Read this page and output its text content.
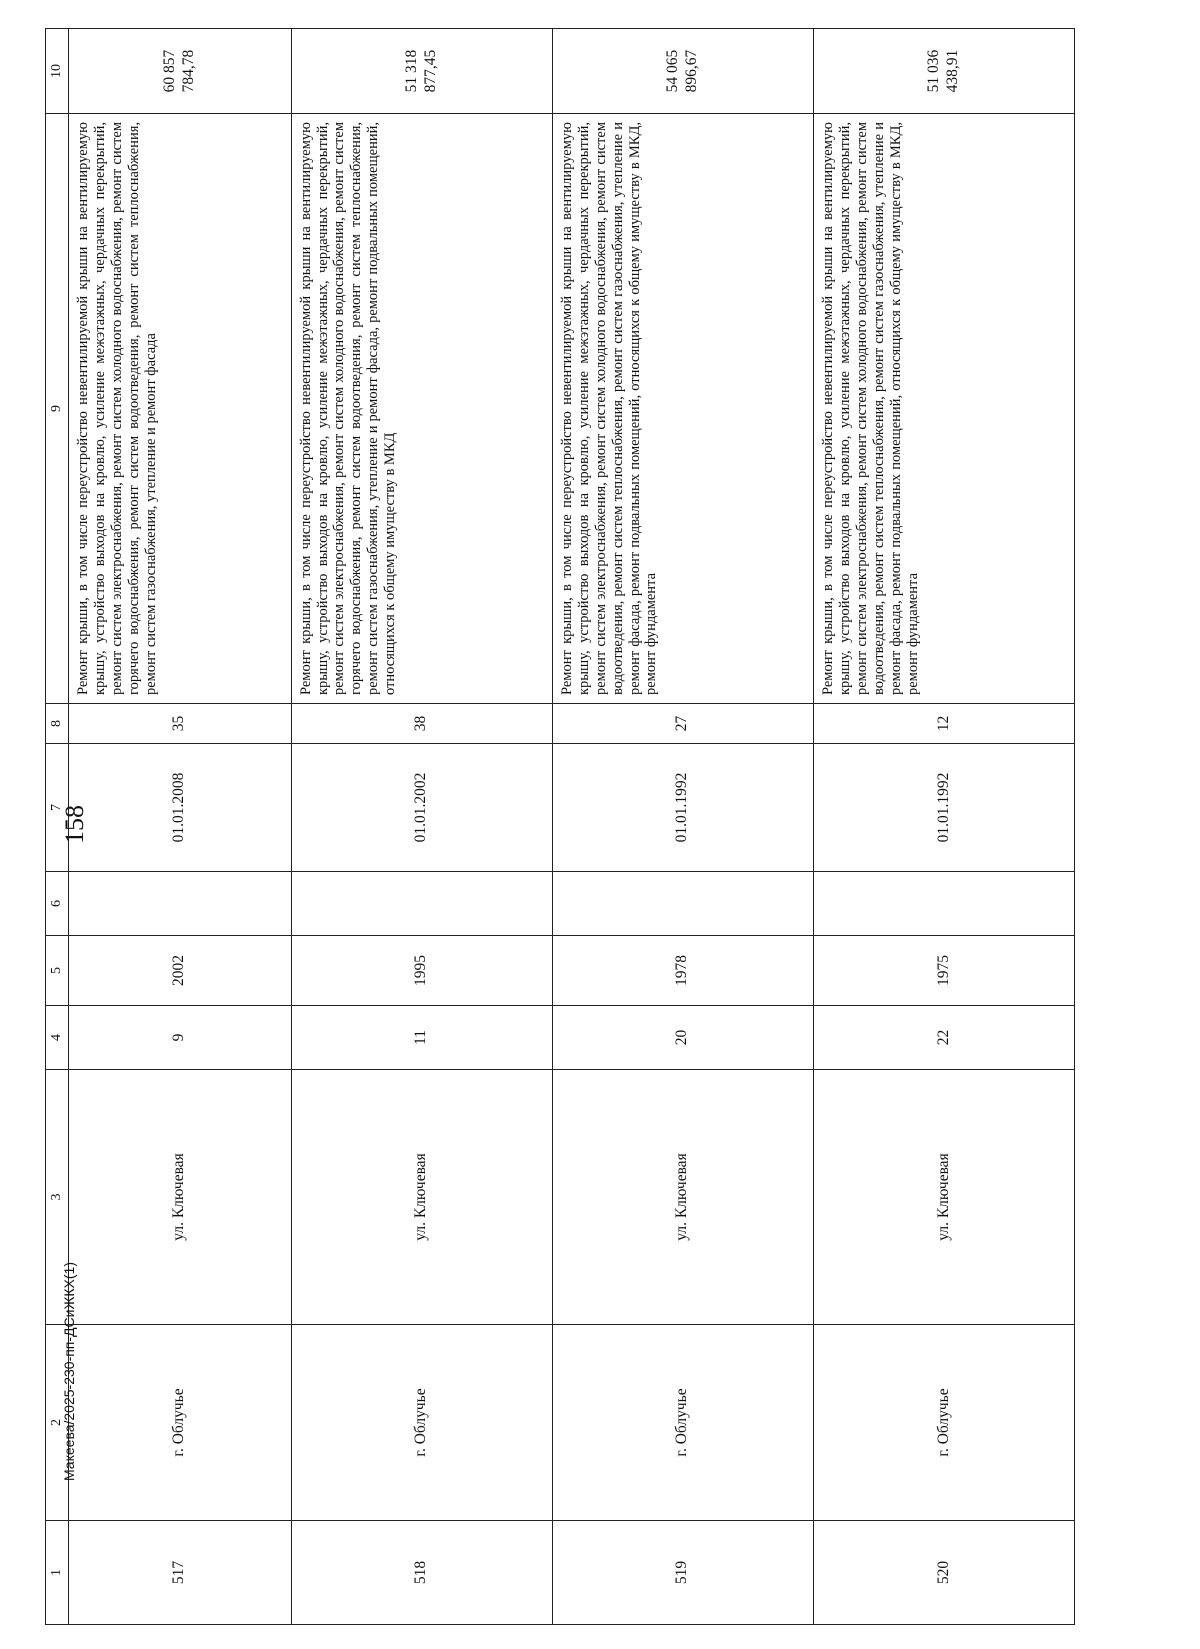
158
1	2	3	4	5	6	7	8	9	10
517	г. Облучье	ул. Ключевая	9	2002		01.01.2008	35	Ремонт крыши, в том числе переустройство невентилируемой крыши на вентилируемую крышу, устройство выходов на кровлю, усиление межэтажных, чердачных перекрытий, ремонт систем электроснабжения, ремонт систем холодного водоснабжения, ремонт систем горячего водоснабжения, ремонт систем водоотведения, ремонт систем теплоснабжения, ремонт систем газоснабжения, утепление и ремонт фасада	60 857 784,78
518	г. Облучье	ул. Ключевая	11	1995		01.01.2002	38	Ремонт крыши, в том числе переустройство невентилируемой крыши на вентилируемую крышу, устройство выходов на кровлю, усиление межэтажных, чердачных перекрытий, ремонт систем электроснабжения, ремонт систем холодного водоснабжения, ремонт систем горячего водоснабжения, ремонт систем водоотведения, ремонт систем теплоснабжения, ремонт систем газоснабжения, утепление и ремонт фасада, ремонт подвальных помещений, относящихся к общему имуществу в МКД	51 318 877,45
519	г. Облучье	ул. Ключевая	20	1978		01.01.1992	27	Ремонт крыши, в том числе переустройство невентилируемой крыши на вентилируемую крышу, устройство выходов на кровлю, усиление межэтажных, чердачных перекрытий, ремонт систем электроснабжения, ремонт систем холодного водоснабжения, ремонт систем водоотведения, ремонт систем теплоснабжения, ремонт систем газоснабжения, утепление и ремонт фасада, ремонт подвальных помещений, относящихся к общему имуществу в МКД, ремонт фундамента	54 065 896,67
520	г. Облучье	ул. Ключевая	22	1975		01.01.1992	12	Ремонт крыши, в том числе переустройство невентилируемой крыши на вентилируемую крышу, устройство выходов на кровлю, усиление межэтажных, чердачных перекрытий, ремонт систем электроснабжения, ремонт систем холодного водоснабжения, ремонт систем водоотведения, ремонт систем теплоснабжения, ремонт систем газоснабжения, утепление и ремонт фасада, ремонт подвальных помещений, относящихся к общему имуществу в МКД, ремонт фундамента	51 036 438,91
Макеева/2025-230-пп-ДСиЖКХ(1)
